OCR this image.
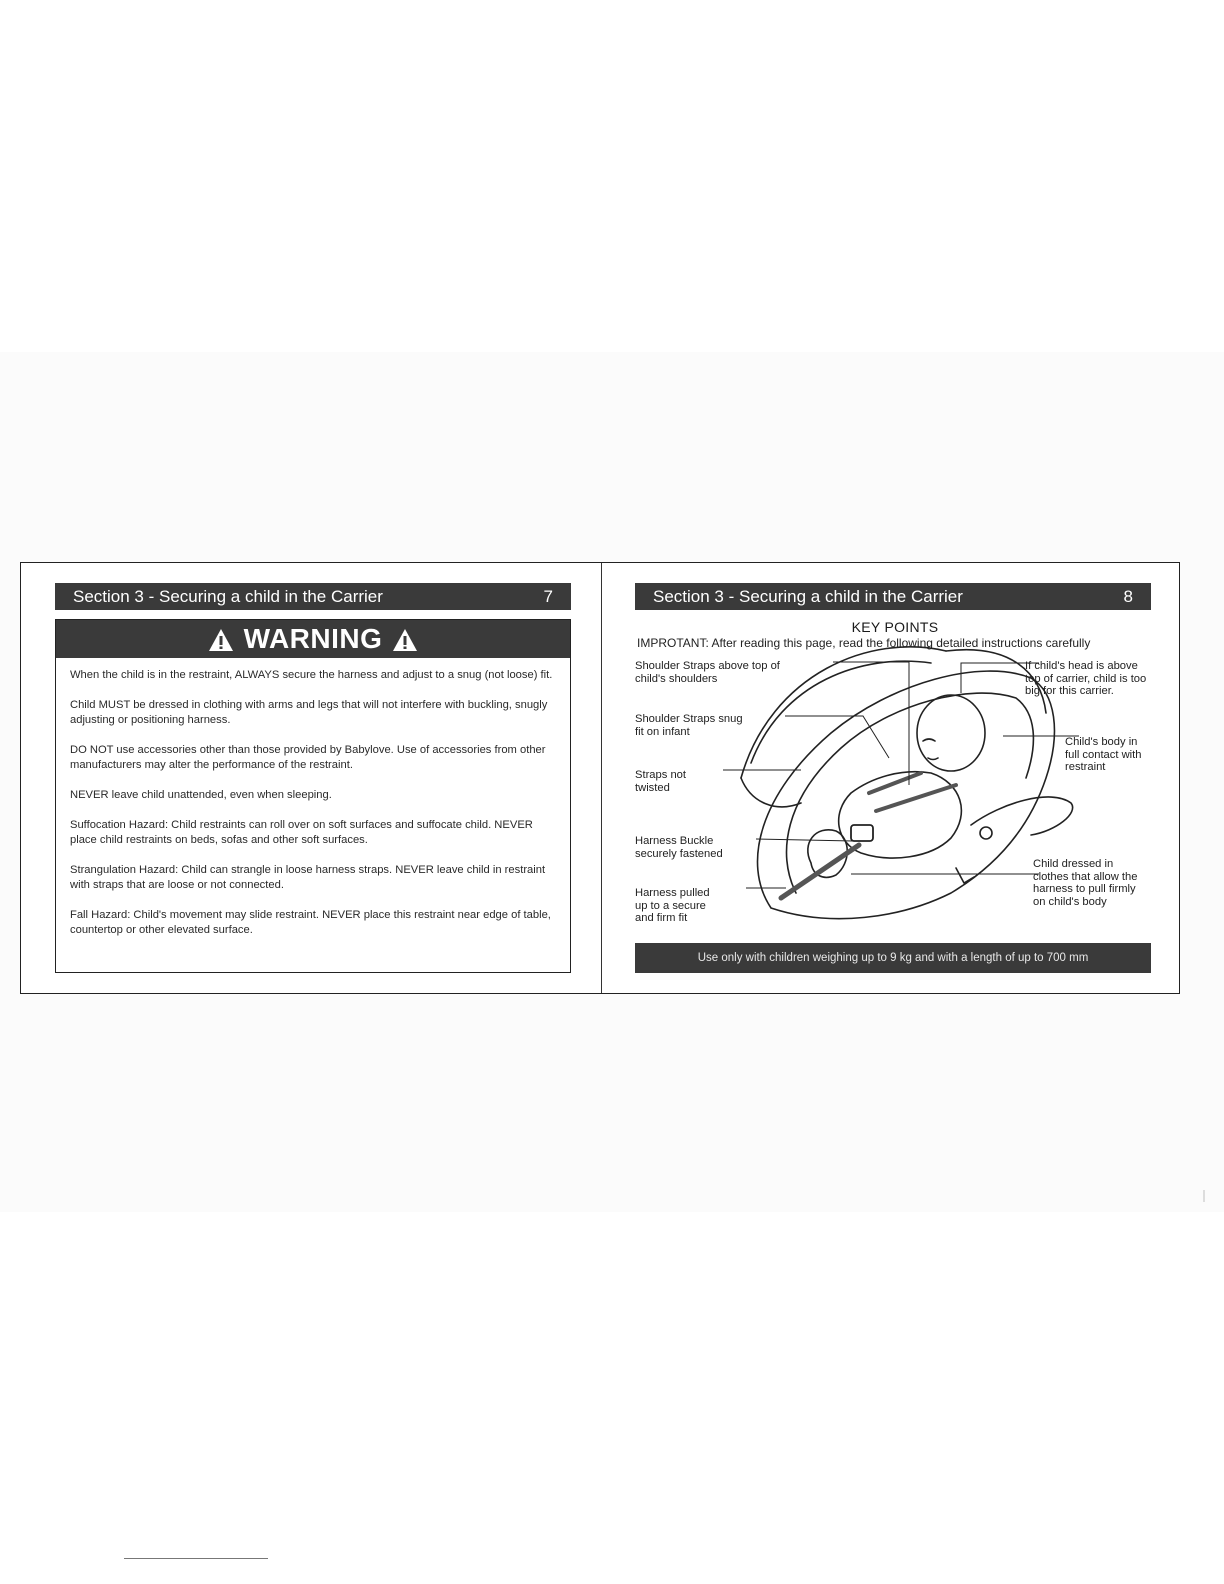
Section 3 - Securing a child in the Carrier	7
WARNING

When the child is in the restraint, ALWAYS secure the harness and adjust to a snug (not loose) fit.

Child MUST be dressed in clothing with arms and legs that will not interfere with buckling, snugly adjusting or positioning harness.

DO NOT use accessories other than those provided by Babylove. Use of accessories from other manufacturers may alter the performance of the restraint.

NEVER leave child unattended, even when sleeping.

Suffocation Hazard: Child restraints can roll over on soft surfaces and suffocate child. NEVER place child restraints on beds, sofas and other soft surfaces.

Strangulation Hazard: Child can strangle in loose harness straps. NEVER leave child in restraint with straps that are loose or not connected.

Fall Hazard: Child's movement may slide restraint. NEVER place this restraint near edge of table, countertop or other elevated surface.

Section 3 - Securing a child in the Carrier	8
KEY POINTS
IMPROTANT: After reading this page, read the following detailed instructions carefully
Shoulder Straps above top of
child's shoulders
Shoulder Straps snug
fit on infant
Straps not
twisted
Harness Buckle
securely fastened
Harness pulled
up to a secure
and firm fit
If child's head is above
top of carrier, child is too
big for this carrier.
Child's body in
full contact with
restraint
Child dressed in
clothes that allow the
harness to pull firmly
on child's body
Use only with children weighing up to 9 kg and with a length of up to 700 mm
